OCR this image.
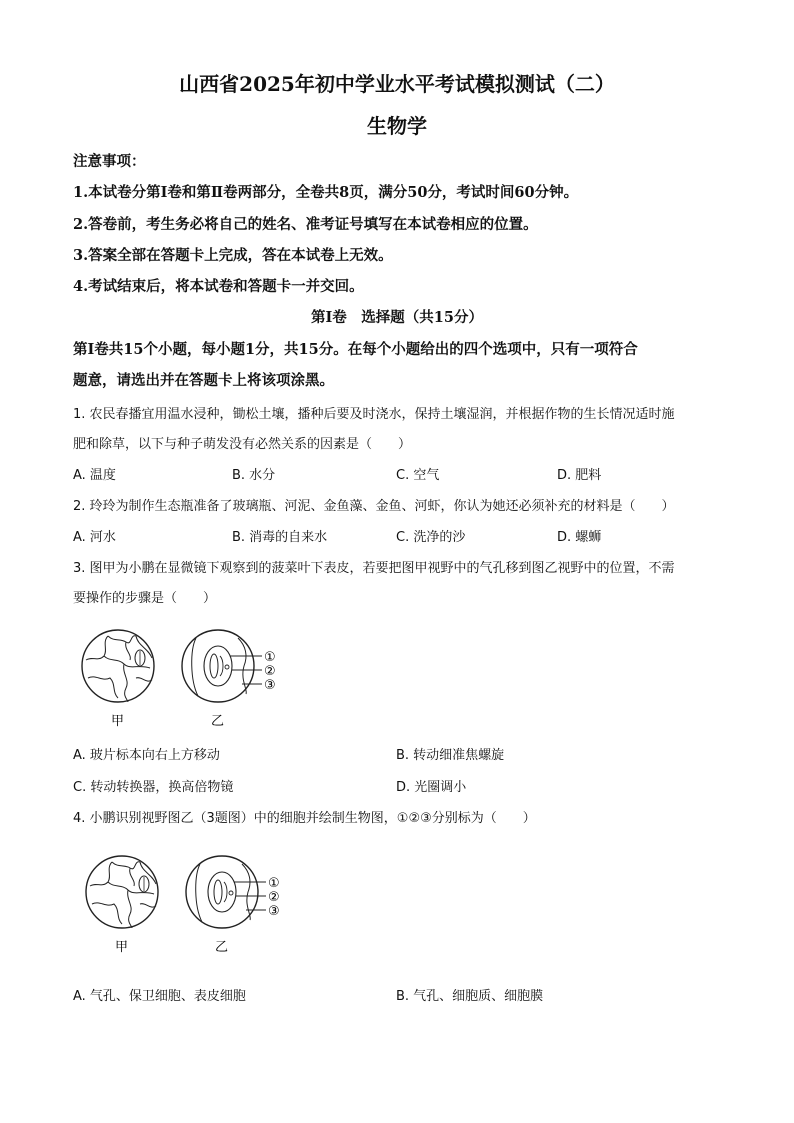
山西省2025年初中学业水平考试模拟测试（二）
生物学
注意事项：
1.本试卷分第Ⅰ卷和第Ⅱ卷两部分，全卷共8页，满分50分，考试时间60分钟。
2.答卷前，考生务必将自己的姓名、准考证号填写在本试卷相应的位置。
3.答案全部在答题卡上完成，答在本试卷上无效。
4.考试结束后，将本试卷和答题卡一并交回。
第Ⅰ卷　选择题（共15分）
第Ⅰ卷共15个小题，每小题1分，共15分。在每个小题给出的四个选项中，只有一项符合
题意，请选出并在答题卡上将该项涂黑。
1. 农民春播宜用温水浸种，锄松土壤，播种后要及时浇水，保持土壤湿润，并根据作物的生长情况适时施
肥和除草，以下与种子萌发没有必然关系的因素是（　　）
A. 温度	B. 水分	C. 空气	D. 肥料
2. 玲玲为制作生态瓶准备了玻璃瓶、河泥、金鱼藻、金鱼、河虾，你认为她还必须补充的材料是（　　）
A. 河水	B. 消毒的自来水	C. 洗净的沙	D. 螺蛳
3. 图甲为小鹏在显微镜下观察到的菠菜叶下表皮，若要把图甲视野中的气孔移到图乙视野中的位置，不需
要操作的步骤是（　　）
①
②
③
甲	乙
A. 玻片标本向右上方移动	B. 转动细准焦螺旋
C. 转动转换器，换高倍物镜	D. 光圈调小
4. 小鹏识别视野图乙（3题图）中的细胞并绘制生物图，①②③分别标为（　　）
①
②
③
甲	乙
A. 气孔、保卫细胞、表皮细胞	B. 气孔、细胞质、细胞膜
